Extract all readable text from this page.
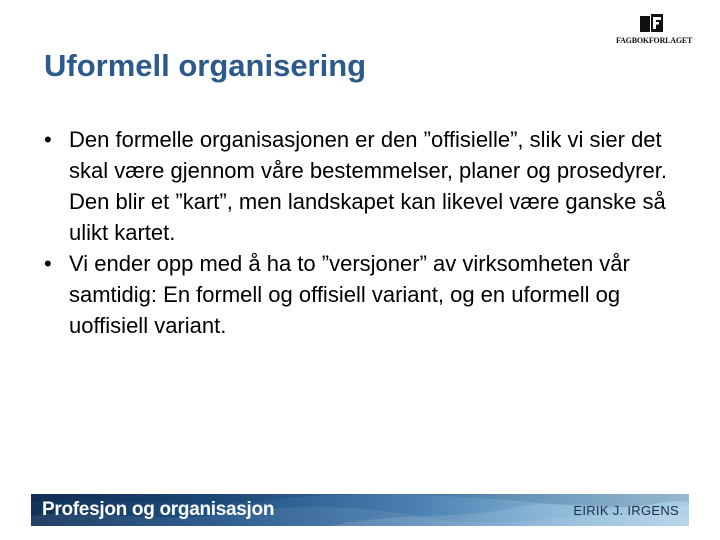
FAGBOKFORLAGET
Uformell organisering
• Den formelle organisasjonen er den ”offisielle”, slik vi sier det skal være gjennom våre bestemmelser, planer og prosedyrer. Den blir et ”kart”, men landskapet kan likevel være ganske så ulikt kartet.
• Vi ender opp med å ha to ”versjoner” av virksomheten vår samtidig: En formell og offisiell variant, og en uformell og uoffisiell variant.
Profesjon og organisasjon	EIRIK J. IRGENS
